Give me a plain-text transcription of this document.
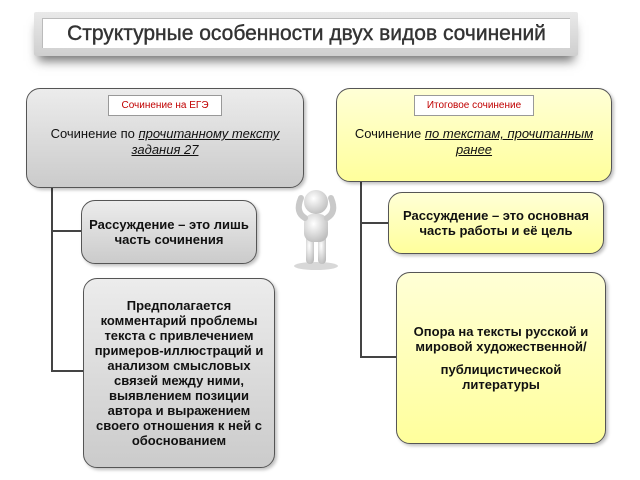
Структурные особенности двух видов сочинений
Сочинение на ЕГЭ
Сочинение по прочитанному тексту задания 27
Итоговое сочинение
Сочинение по текстам, прочитанным ранее
Рассуждение – это лишь часть сочинения
Рассуждение – это основная часть работы и её цель
Предполагается комментарий проблемы текста с привлечением примеров-иллюстраций и анализом смысловых связей между ними, выявлением позиции автора и выражением своего отношения к ней с обоснованием
Опора на тексты русской и мировой художественной/
публицистической литературы
